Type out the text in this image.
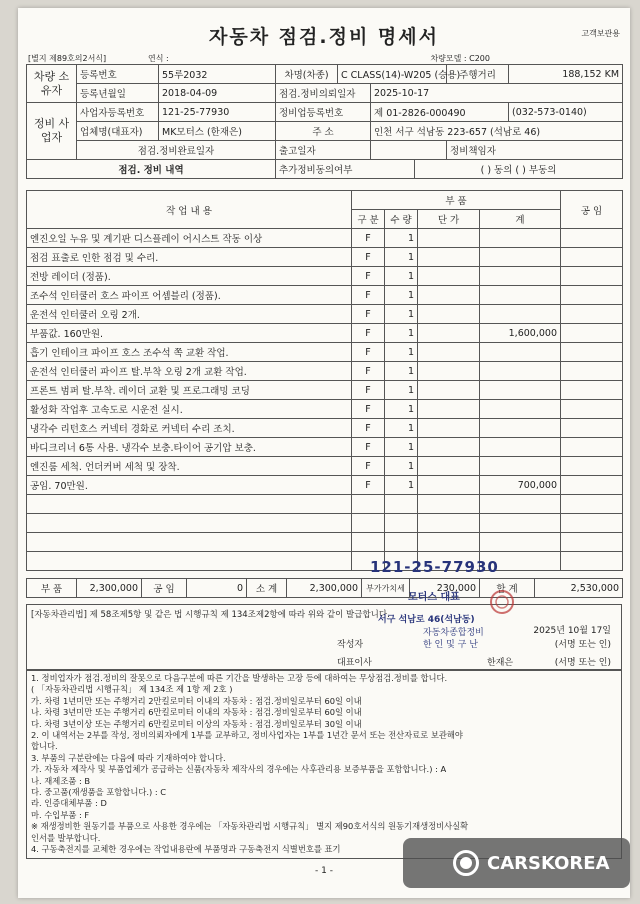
자동차 점검.정비 명세서	고객보관용
[별지 제89호의2서식]	연식 :	차량모델 : C200
차량 소유자	등록번호	55루2032	차명(차종)	C CLASS(14)-W205 (승용)			주행거리	188,152 KM	
	등록년월일	2018-04-09	점검.정비의뢰일자		2025-10-17				
정비 사업자	사업자등록번호	121-25-77930	정비업등록번호		제 01-2826-000490			(032-573-0140)	
	업체명(대표자)	MK모터스 (한재은)	주 소		인천 서구 석남동 223-657 (석남로 46)				
	점검.정비완료일자		출고일자				정비책임자	
점검. 정비 내역			추가정비동의여부			( ) 동의 ( ) 부동의			
작 업 내 용	부 품				공 임
	구 분	수 량	단 가	계	
엔진오일 누유 및 계기판 디스플레이 어시스트 작동 이상	F	1			
점검 표출로 인한 점검 및 수리.	F	1			
전방 레이더 (정품).	F	1			
조수석 인터쿨러 호스 파이프 어셈블리 (정품).	F	1			
운전석 인터쿨러 오링 2개.	F	1			
부품값. 160만원.	F	1		1,600,000	
흡기 인테이크 파이프 호스 조수석 쪽 교환 작업.	F	1			
운전석 인터쿨러 파이프 탈.부착 오링 2개 교환 작업.	F	1			
프론트 범퍼 탈.부착. 레이더 교환 및 프로그래밍 코딩	F	1			
활성화 작업후 고속도로 시운전 실시.	F	1			
냉각수 리턴호스 커넥터 경화로 커넥터 수리 조치.	F	1			
바디크리너 6통 사용. 냉각수 보충.타이어 공기압 보충.	F	1			
엔진룸 세척. 언더커버 세척 및 장착.	F	1			
공임. 70만원.	F	1		700,000	

부 품	2,300,000	공 임	0	소 계	2,300,000	부가가치세	230,000	합 계	2,530,000
[자동차관리법] 제 58조제5항 및 같은 법 시행규칙 제 134조제2항에 따라 위와 같이 발급합니다.
2025년 10월 17일
작성자	(서명 또는 인)
대표이사	한재은	(서명 또는 인)
121-25-77930
모터스 대표
서구 석남로 46(석남동)
자동차종합정비
한 인 및 구 난
1. 정비업자가 점검.정비의 잘못으로 다음구분에 따른 기간을 발생하는 고장 등에 대하여는 무상점검.정비를 합니다.
( 「자동차관리법 시행규칙」 제 134조 제 1항 제 2호 )
가. 차령 1년미만 또는 주행거리 2만킬로미터 이내의 자동차 : 점검.정비일로부터 60일 이내
나. 차령 3년미만 또는 주행거리 6만킬로미터 이내의 자동차 : 점검.정비일로부터 60일 이내
다. 차령 3년이상 또는 주행거리 6만킬로미터 이상의 자동차 : 점검.정비일로부터 30일 이내
2. 이 내역서는 2부를 작성, 정비의뢰자에게 1부를 교부하고, 정비사업자는 1부를 1년간 문서 또는 전산자료로 보관해야
합니다.
3. 부품의 구분란에는 다음에 따라 기재하여야 합니다.
가. 자동차 제작사 및 부품업체가 공급하는 신품(자동차 제작사의 경우에는 사후관리용 보증부품을 포함합니다.) : A
나. 재제조품 : B
다. 중고품(재생품을 포함합니다.) : C
라. 인증대체부품 : D
마. 수입부품 : F
※ 재생정비한 원동기를 부품으로 사용한 경우에는 「자동차관리법 시행규칙」 별지 제90호서식의 원동기재생정비사실확
인서를 발부합니다.
4. 구동축전지를 교체한 경우에는 작업내용란에 부품명과 구동축전지 식별번호를 표기
- 1 -	CARSKOREA
